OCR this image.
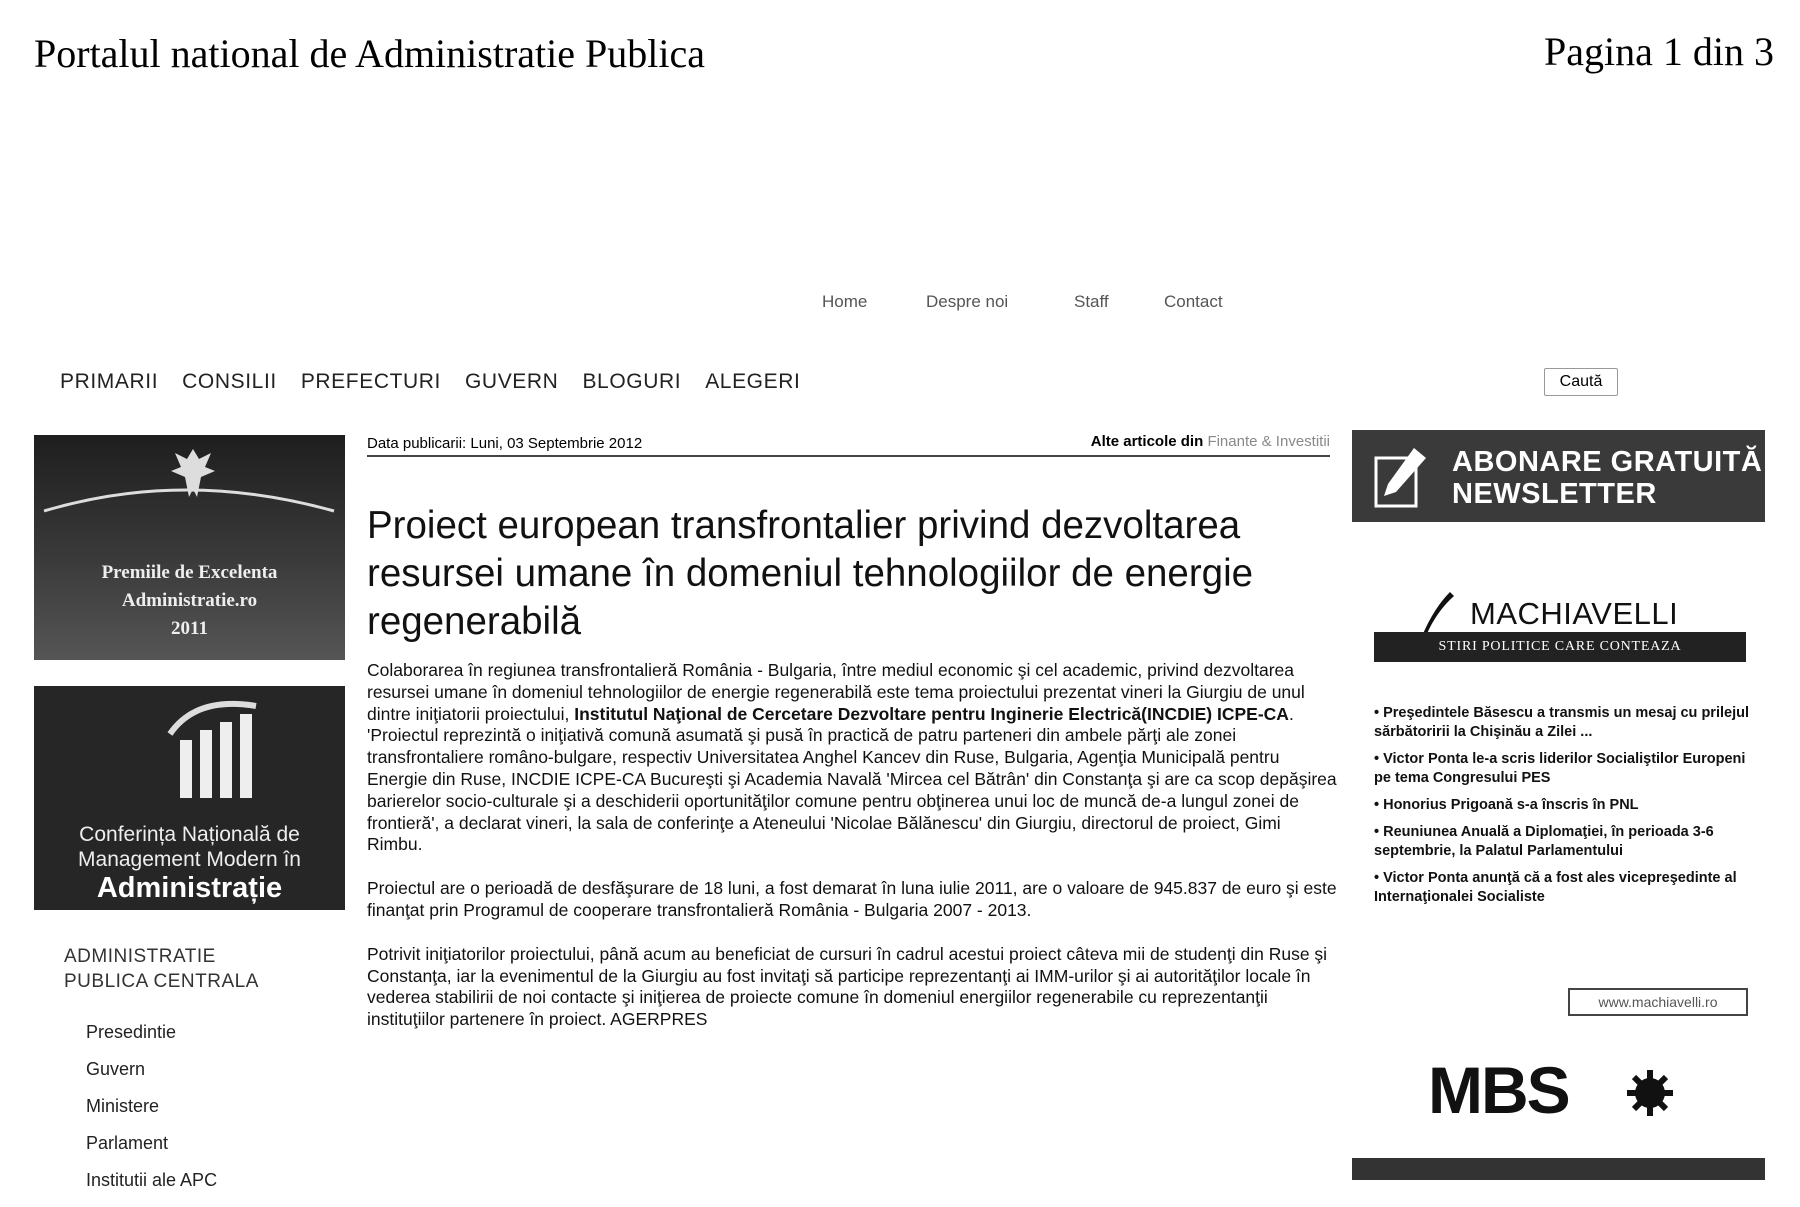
Portalul national de Administratie Publica	Pagina 1 din 3
Home	Despre noi	Staff	Contact
PRIMARII CONSILII PREFECTURI GUVERN BLOGURI ALEGERI	Caută
Premiile de Excelenta
Administratie.ro
2011
Conferința Națională de
Management Modern în
Administrație
ADMINISTRATIE
PUBLICA CENTRALA
Presedintie
Guvern
Ministere
Parlament
Institutii ale APC
Data publicarii: Luni, 03 Septembrie 2012	Alte articole din Finante & Investitii
Proiect european transfrontalier privind dezvoltarea resursei umane în domeniul tehnologiilor de energie regenerabilă

Colaborarea în regiunea transfrontalieră România - Bulgaria, între mediul economic şi cel academic, privind dezvoltarea resursei umane în domeniul tehnologiilor de energie regenerabilă este tema proiectului prezentat vineri la Giurgiu de unul dintre iniţiatorii proiectului, Institutul Naţional de Cercetare Dezvoltare pentru Inginerie Electrică(INCDIE) ICPE-CA.
'Proiectul reprezintă o iniţiativă comună asumată şi pusă în practică de patru parteneri din ambele părţi ale zonei transfrontaliere româno-bulgare, respectiv Universitatea Anghel Kancev din Ruse, Bulgaria, Agenţia Municipală pentru Energie din Ruse, INCDIE ICPE-CA Bucureşti şi Academia Navală 'Mircea cel Bătrân' din Constanţa şi are ca scop depăşirea barierelor socio-culturale şi a deschiderii oportunităţilor comune pentru obţinerea unui loc de muncă de-a lungul zonei de frontieră', a declarat vineri, la sala de conferinţe a Ateneului 'Nicolae Bălănescu' din Giurgiu, directorul de proiect, Gimi Rimbu.

Proiectul are o perioadă de desfăşurare de 18 luni, a fost demarat în luna iulie 2011, are o valoare de 945.837 de euro şi este finanţat prin Programul de cooperare transfrontalieră România - Bulgaria 2007 - 2013.

Potrivit iniţiatorilor proiectului, până acum au beneficiat de cursuri în cadrul acestui proiect câteva mii de studenţi din Ruse şi Constanţa, iar la evenimentul de la Giurgiu au fost invitaţi să participe reprezentanţi ai IMM-urilor şi ai autorităţilor locale în vederea stabilirii de noi contacte şi iniţierea de proiecte comune în domeniul energiilor regenerabile cu reprezentanţii instituţiilor partenere în proiect. AGERPRES

ABONARE GRATUITĂ
NEWSLETTER
MACHIAVELLI
STIRI POLITICE CARE CONTEAZA
• Preşedintele Băsescu a transmis un mesaj cu prilejul sărbătoririi la Chişinău a Zilei ...
• Victor Ponta le-a scris liderilor Socialiştilor Europeni pe tema Congresului PES
• Honorius Prigoană s-a înscris în PNL
• Reuniunea Anuală a Diplomaţiei, în perioada 3-6 septembrie, la Palatul Parlamentului
• Victor Ponta anunţă că a fost ales vicepreşedinte al Internaţionalei Socialiste
www.machiavelli.ro
MBS
